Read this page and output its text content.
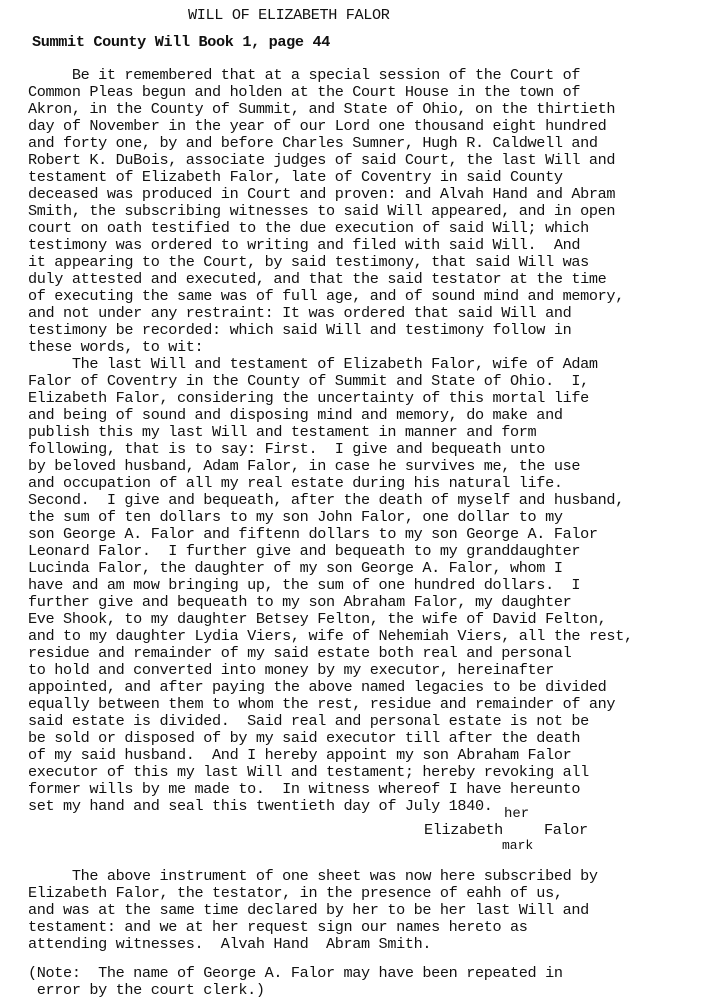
WILL OF ELIZABETH FALOR
Summit County Will Book 1, page 44
Be it remembered that at a special session of the Court of
Common Pleas begun and holden at the Court House in the town of
Akron, in the County of Summit, and State of Ohio, on the thirtieth
day of November in the year of our Lord one thousand eight hundred
and forty one, by and before Charles Sumner, Hugh R. Caldwell and
Robert K. DuBois, associate judges of said Court, the last Will and
testament of Elizabeth Falor, late of Coventry in said County
deceased was produced in Court and proven: and Alvah Hand and Abram
Smith, the subscribing witnesses to said Will appeared, and in open
court on oath testified to the due execution of said Will; which
testimony was ordered to writing and filed with said Will.  And
it appearing to the Court, by said testimony, that said Will was
duly attested and executed, and that the said testator at the time
of executing the same was of full age, and of sound mind and memory,
and not under any restraint: It was ordered that said Will and
testimony be recorded: which said Will and testimony follow in
these words, to wit:
The last Will and testament of Elizabeth Falor, wife of Adam
Falor of Coventry in the County of Summit and State of Ohio.  I,
Elizabeth Falor, considering the uncertainty of this mortal life
and being of sound and disposing mind and memory, do make and
publish this my last Will and testament in manner and form
following, that is to say: First.  I give and bequeath unto
by beloved husband, Adam Falor, in case he survives me, the use
and occupation of all my real estate during his natural life.
Second.  I give and bequeath, after the death of myself and husband,
the sum of ten dollars to my son John Falor, one dollar to my
son George A. Falor and fiftenn dollars to my son George A. Falor
Leonard Falor.  I further give and bequeath to my granddaughter
Lucinda Falor, the daughter of my son George A. Falor, whom I
have and am mow bringing up, the sum of one hundred dollars.  I
further give and bequeath to my son Abraham Falor, my daughter
Eve Shook, to my daughter Betsey Felton, the wife of David Felton,
and to my daughter Lydia Viers, wife of Nehemiah Viers, all the rest,
residue and remainder of my said estate both real and personal
to hold and converted into money by my executor, hereinafter
appointed, and after paying the above named legacies to be divided
equally between them to whom the rest, residue and remainder of any
said estate is divided.  Said real and personal estate is not be
be sold or disposed of by my said executor till after the death
of my said husband.  And I hereby appoint my son Abraham Falor
executor of this my last Will and testament; hereby revoking all
former wills by me made to.  In witness whereof I have hereunto
set my hand and seal this twentieth day of July 1840.
Elizabeth
her
Falor
mark
The above instrument of one sheet was now here subscribed by
Elizabeth Falor, the testator, in the presence of eahh of us,
and was at the same time declared by her to be her last Will and
testament: and we at her request sign our names hereto as
attending witnesses.  Alvah Hand  Abram Smith.
(Note:  The name of George A. Falor may have been repeated in
error by the court clerk.)
